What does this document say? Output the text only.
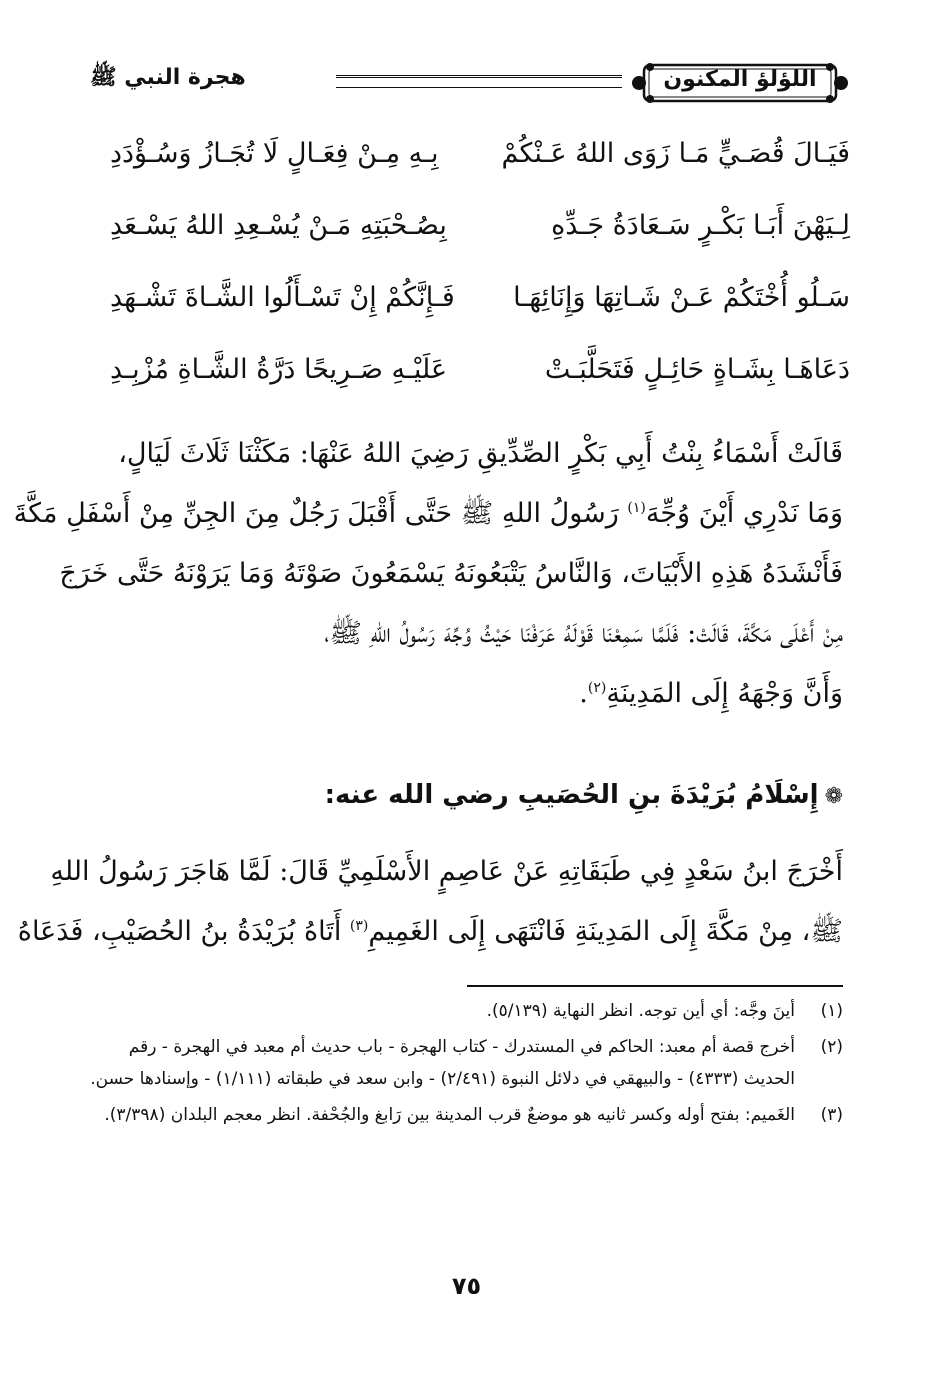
اللؤلؤ المكنون
هجرة النبي ﷺ
فَيَـالَ قُصَـيٍّ مَـا زَوَى اللهُ عَـنْكُمْ
بِـهِ مِـنْ فِعَـالٍ لَا تُجَـازُ وَسُـؤْدَدِ
لِـيَهْنَ أَبَـا بَكْـرٍ سَـعَادَةُ جَـدِّهِ
بِصُـحْبَتِهِ مَـنْ يُسْـعِدِ اللهُ يَسْـعَدِ
سَـلُو أُخْتَكُمْ عَـنْ شَـاتِهَا وَإِنَائِهَـا
فَـإِنَّكُمْ إِنْ تَسْـأَلُوا الشَّـاةَ تَشْـهَدِ
دَعَاهَـا بِشَـاةٍ حَائِـلٍ فَتَحَلَّبَـتْ
عَلَيْـهِ صَـرِيحًا دَرَّةُ الشَّـاةِ مُزْبِـدِ
قَالَتْ أَسْمَاءُ بِنْتُ أَبِي بَكْرٍ الصِّدِّيقِ رَضِيَ اللهُ عَنْهَا: مَكَثْنَا ثَلَاثَ لَيَالٍ،
وَمَا نَدْرِي أَيْنَ وُجِّهَ$^{(١)}$ رَسُولُ اللهِ ﷺ حَتَّى أَقْبَلَ رَجُلٌ مِنَ الجِنِّ مِنْ أَسْفَلِ مَكَّةَ
فَأَنْشَدَهُ هَذِهِ الأَبْيَاتَ، وَالنَّاسُ يَتْبَعُونَهُ يَسْمَعُونَ صَوْتَهُ وَمَا يَرَوْنَهُ حَتَّى خَرَجَ
مِنْ أَعْلَى مَكَّةَ، قَالَتْ: فَلَمَّا سَمِعْنَا قَوْلَهُ عَرَفْنَا حَيْثُ وُجِّهَ رَسُولُ اللهِ ﷺ،
وَأَنَّ وَجْهَهُ إِلَى المَدِينَةِ$^{(٢)}$.
❁إِسْلَامُ بُرَيْدَةَ بنِ الحُصَيبِ رضي الله عنه:
أَخْرَجَ ابنُ سَعْدٍ فِي طَبَقَاتِهِ عَنْ عَاصِمٍ الأَسْلَمِيِّ قَالَ: لَمَّا هَاجَرَ رَسُولُ اللهِ
ﷺ، مِنْ مَكَّةَ إِلَى المَدِينَةِ فَانْتَهَى إِلَى الغَمِيمِ$^{(٣)}$ أَتَاهُ بُرَيْدَةُ بنُ الحُصَيْبِ، فَدَعَاهُ
(١)
أينَ وجَّه: أي أين توجه. انظر النهاية (٥/١٣٩).
(٢)
أخرج قصة أم معبد: الحاكم في المستدرك - كتاب الهجرة - باب حديث أم معبد في الهجرة - رقم الحديث (٤٣٣٣) - والبيهقي في دلائل النبوة (٢/٤٩١) - وابن سعد في طبقاته (١/١١١) - وإسنادها حسن.
(٣)
الغَميم: بفتح أوله وكسر ثانيه هو موضعٌ قرب المدينة بين رَابغ والجُحْفة. انظر معجم البلدان (٣/٣٩٨).
٧٥
